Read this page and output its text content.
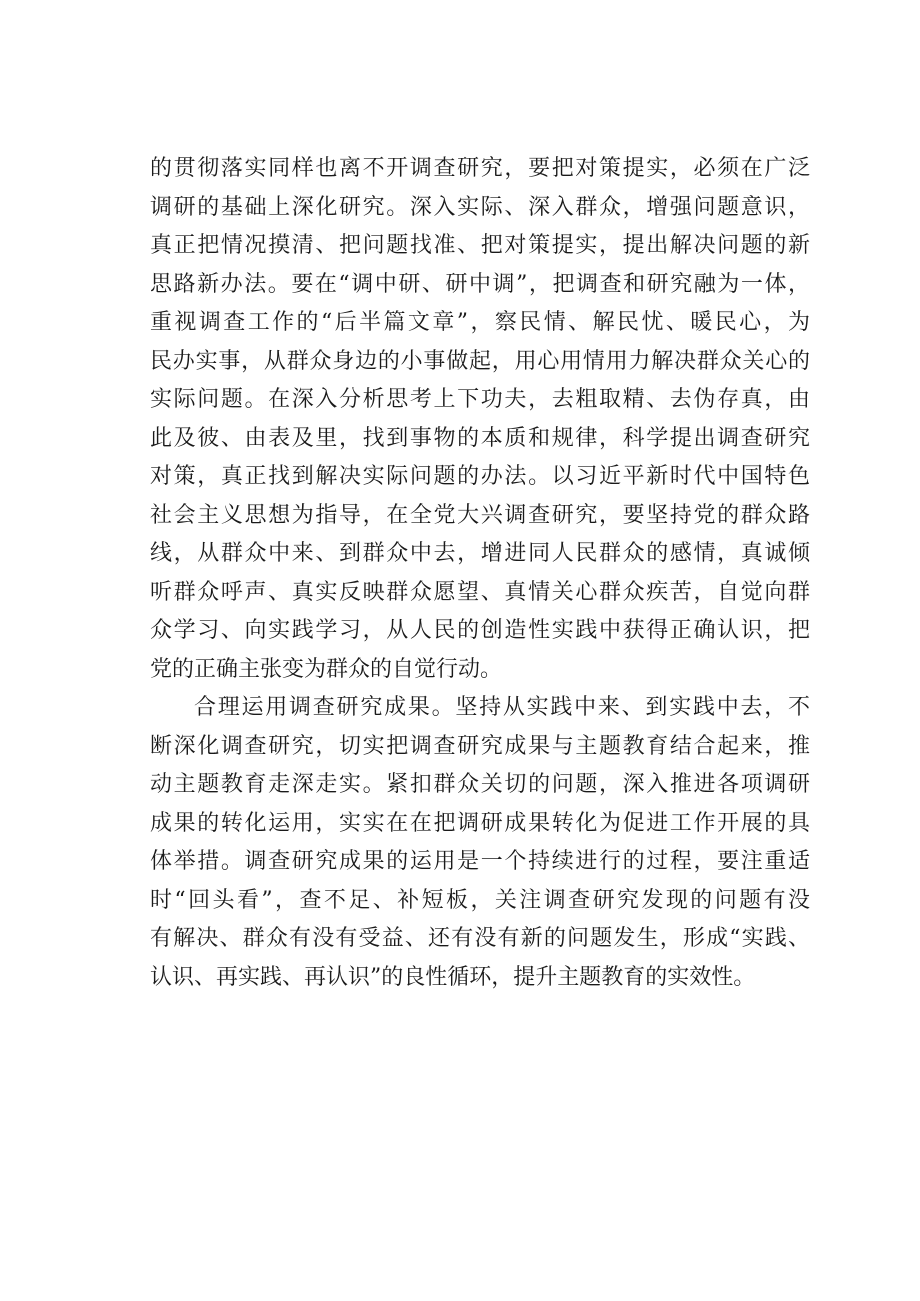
的贯彻落实同样也离不开调查研究，要把对策提实，必须在广泛
调研的基础上深化研究。深入实际、深入群众，增强问题意识，
真正把情况摸清、把问题找准、把对策提实，提出解决问题的新
思路新办法。要在“调中研、研中调”，把调查和研究融为一体，
重视调查工作的“后半篇文章”，察民情、解民忧、暖民心，为
民办实事，从群众身边的小事做起，用心用情用力解决群众关心的
实际问题。在深入分析思考上下功夫，去粗取精、去伪存真，由
此及彼、由表及里，找到事物的本质和规律，科学提出调查研究
对策，真正找到解决实际问题的办法。以习近平新时代中国特色
社会主义思想为指导，在全党大兴调查研究，要坚持党的群众路
线，从群众中来、到群众中去，增进同人民群众的感情，真诚倾
听群众呼声、真实反映群众愿望、真情关心群众疾苦，自觉向群
众学习、向实践学习，从人民的创造性实践中获得正确认识，把
党的正确主张变为群众的自觉行动。
合理运用调查研究成果。坚持从实践中来、到实践中去，不
断深化调查研究，切实把调查研究成果与主题教育结合起来，推
动主题教育走深走实。紧扣群众关切的问题，深入推进各项调研
成果的转化运用，实实在在把调研成果转化为促进工作开展的具
体举措。调查研究成果的运用是一个持续进行的过程，要注重适
时“回头看”，查不足、补短板，关注调查研究发现的问题有没
有解决、群众有没有受益、还有没有新的问题发生，形成“实践、
认识、再实践、再认识”的良性循环，提升主题教育的实效性。
